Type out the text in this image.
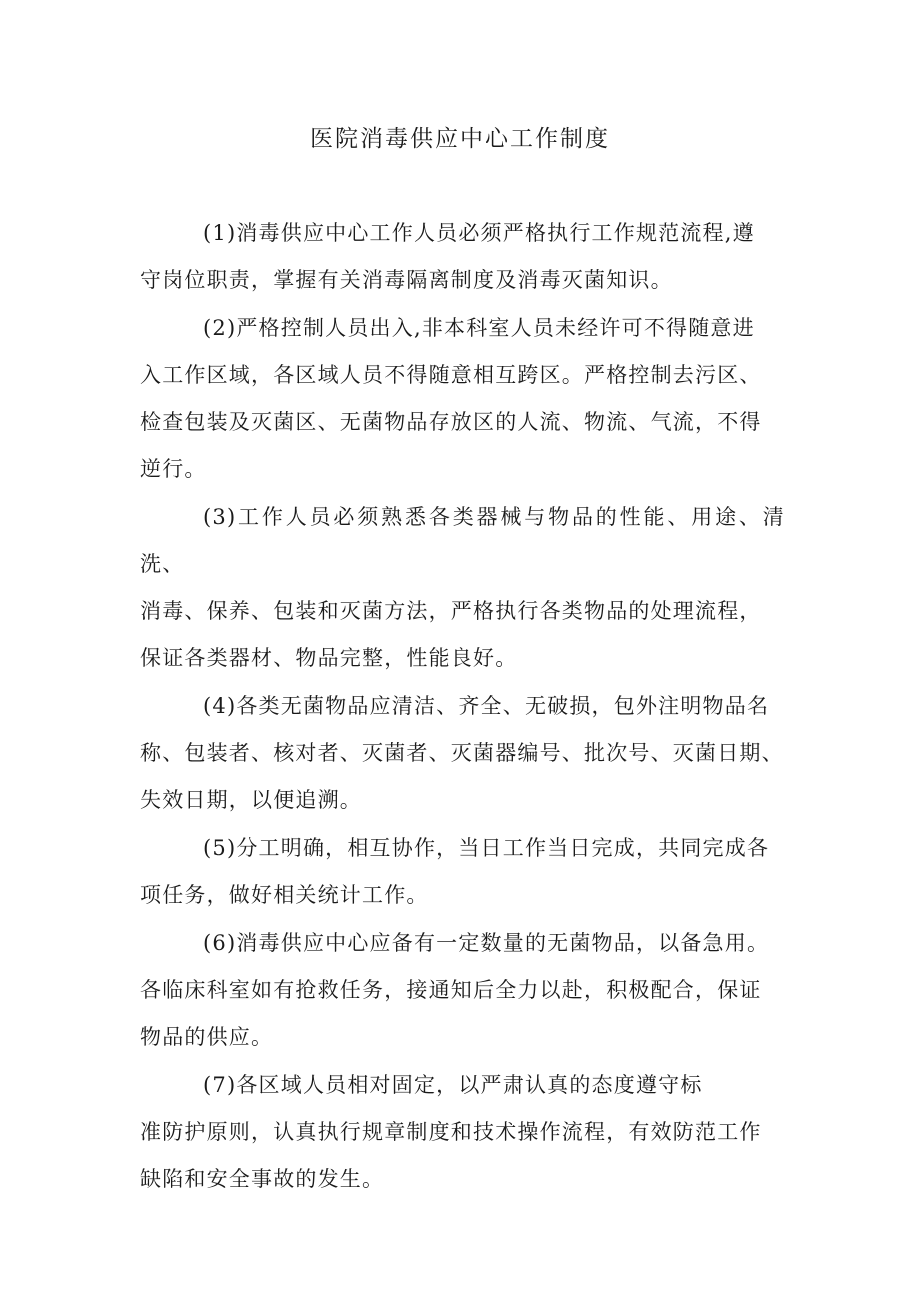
医院消毒供应中心工作制度

(1)消毒供应中心工作人员必须严格执行工作规范流程,遵
守岗位职责，掌握有关消毒隔离制度及消毒灭菌知识。

(2)严格控制人员出入,非本科室人员未经许可不得随意进
入工作区域，各区域人员不得随意相互跨区。严格控制去污区、
检查包装及灭菌区、无菌物品存放区的人流、物流、气流，不得
逆行。

(3)工作人员必须熟悉各类器械与物品的性能、用途、清洗、
消毒、保养、包装和灭菌方法，严格执行各类物品的处理流程，
保证各类器材、物品完整，性能良好。

(4)各类无菌物品应清洁、齐全、无破损，包外注明物品名
称、包装者、核对者、灭菌者、灭菌器编号、批次号、灭菌日期、
失效日期，以便追溯。

(5)分工明确，相互协作，当日工作当日完成，共同完成各
项任务，做好相关统计工作。

(6)消毒供应中心应备有一定数量的无菌物品，以备急用。
各临床科室如有抢救任务，接通知后全力以赴，积极配合，保证
物品的供应。

(7)各区域人员相对固定，以严肃认真的态度遵守标
准防护原则，认真执行规章制度和技术操作流程，有效防范工作
缺陷和安全事故的发生。
